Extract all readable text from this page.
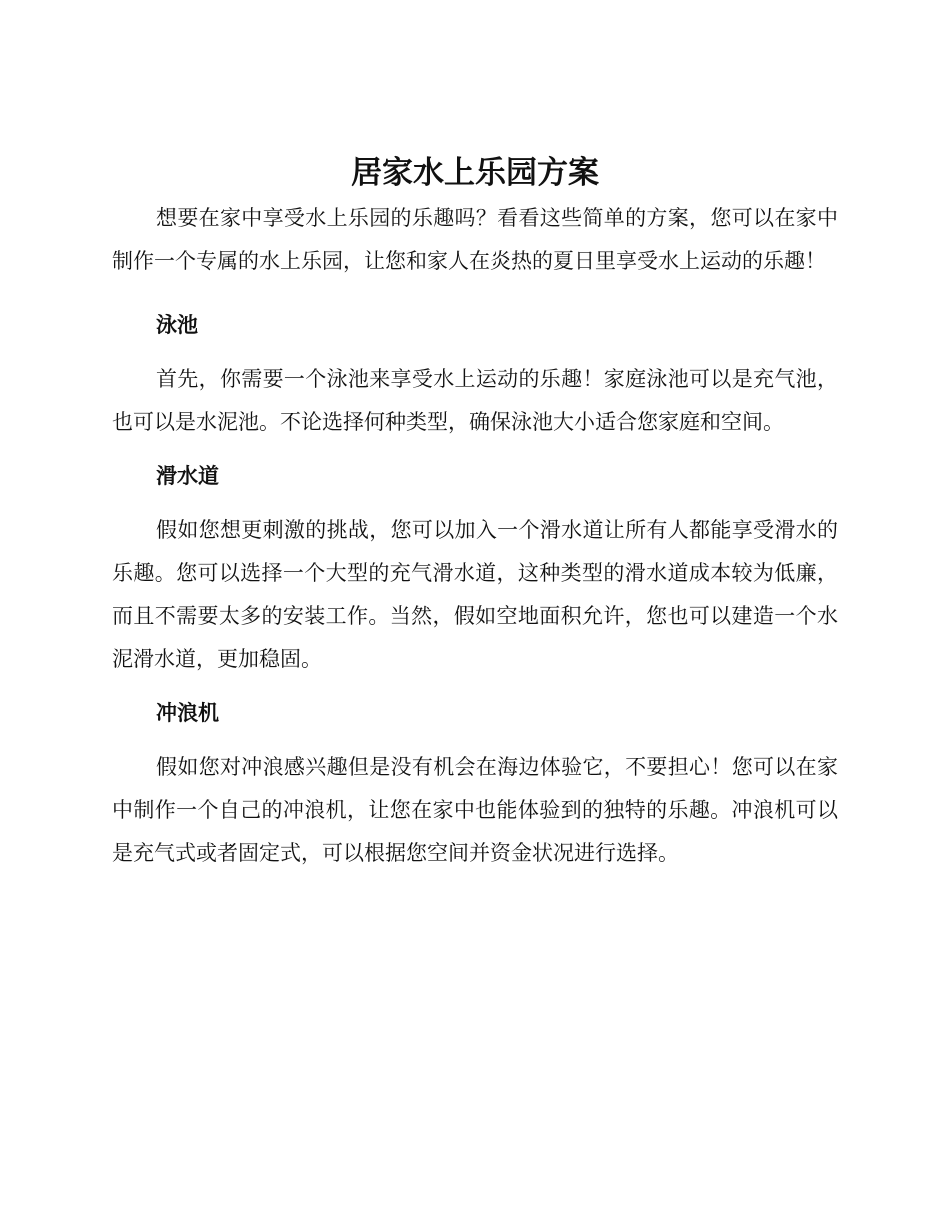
居家水上乐园方案

想要在家中享受水上乐园的乐趣吗？看看这些简单的方案，您可以在家中制作一个专属的水上乐园，让您和家人在炎热的夏日里享受水上运动的乐趣！

泳池

首先，你需要一个泳池来享受水上运动的乐趣！家庭泳池可以是充气池，也可以是水泥池。不论选择何种类型，确保泳池大小适合您家庭和空间。

滑水道

假如您想更刺激的挑战，您可以加入一个滑水道让所有人都能享受滑水的乐趣。您可以选择一个大型的充气滑水道，这种类型的滑水道成本较为低廉，而且不需要太多的安装工作。当然，假如空地面积允许，您也可以建造一个水泥滑水道，更加稳固。

冲浪机

假如您对冲浪感兴趣但是没有机会在海边体验它，不要担心！您可以在家中制作一个自己的冲浪机，让您在家中也能体验到的独特的乐趣。冲浪机可以是充气式或者固定式，可以根据您空间并资金状况进行选择。
